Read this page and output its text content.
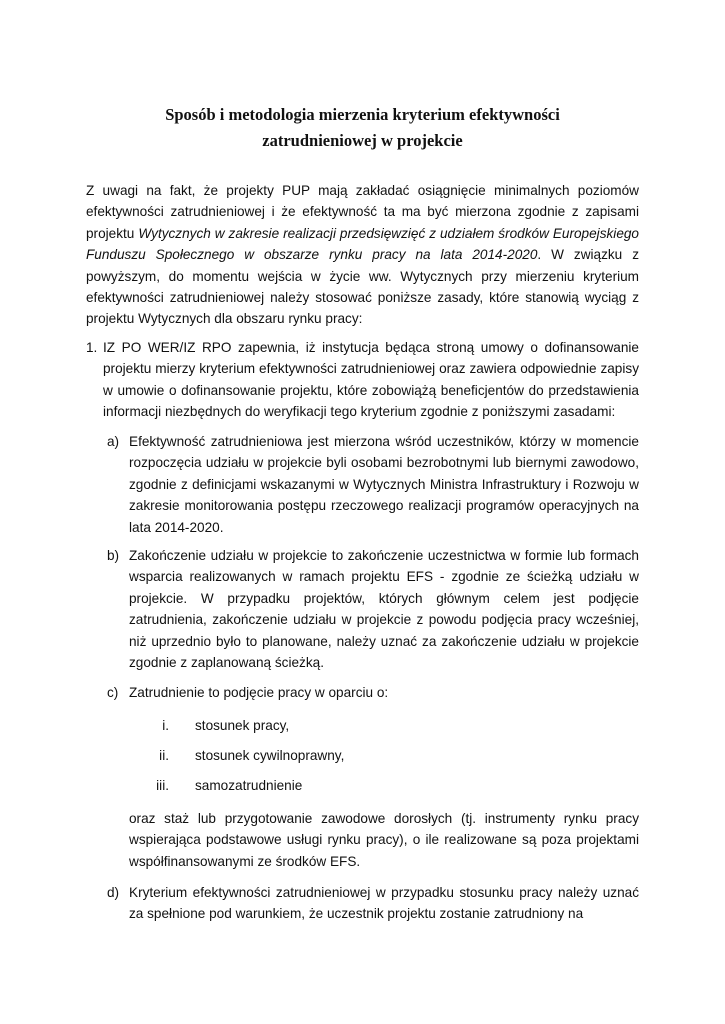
Sposób i metodologia mierzenia kryterium efektywności
zatrudnieniowej w projekcie
Z uwagi na fakt, że projekty PUP mają zakładać osiągnięcie minimalnych poziomów efektywności zatrudnieniowej i że efektywność ta ma być mierzona zgodnie z zapisami projektu Wytycznych w zakresie realizacji przedsięwzięć z udziałem środków Europejskiego Funduszu Społecznego w obszarze rynku pracy na lata 2014-2020. W związku z powyższym, do momentu wejścia w życie ww. Wytycznych przy mierzeniu kryterium efektywności zatrudnieniowej należy stosować poniższe zasady, które stanowią wyciąg z projektu Wytycznych dla obszaru rynku pracy:
1. IZ PO WER/IZ RPO zapewnia, iż instytucja będąca stroną umowy o dofinansowanie projektu mierzy kryterium efektywności zatrudnieniowej oraz zawiera odpowiednie zapisy w umowie o dofinansowanie projektu, które zobowiążą beneficjentów do przedstawienia informacji niezbędnych do weryfikacji tego kryterium zgodnie z poniższymi zasadami:
a) Efektywność zatrudnieniowa jest mierzona wśród uczestników, którzy w momencie rozpoczęcia udziału w projekcie byli osobami bezrobotnymi lub biernymi zawodowo, zgodnie z definicjami wskazanymi w Wytycznych Ministra Infrastruktury i Rozwoju w zakresie monitorowania postępu rzeczowego realizacji programów operacyjnych na lata 2014-2020.
b) Zakończenie udziału w projekcie to zakończenie uczestnictwa w formie lub formach wsparcia realizowanych w ramach projektu EFS - zgodnie ze ścieżką udziału w projekcie. W przypadku projektów, których głównym celem jest podjęcie zatrudnienia, zakończenie udziału w projekcie z powodu podjęcia pracy wcześniej, niż uprzednio było to planowane, należy uznać za zakończenie udziału w projekcie zgodnie z zaplanowaną ścieżką.
c) Zatrudnienie to podjęcie pracy w oparciu o:
i. stosunek pracy,
ii. stosunek cywilnoprawny,
iii. samozatrudnienie
oraz staż lub przygotowanie zawodowe dorosłych (tj. instrumenty rynku pracy wspierająca podstawowe usługi rynku pracy), o ile realizowane są poza projektami współfinansowanymi ze środków EFS.
d) Kryterium efektywności zatrudnieniowej w przypadku stosunku pracy należy uznać za spełnione pod warunkiem, że uczestnik projektu zostanie zatrudniony na
